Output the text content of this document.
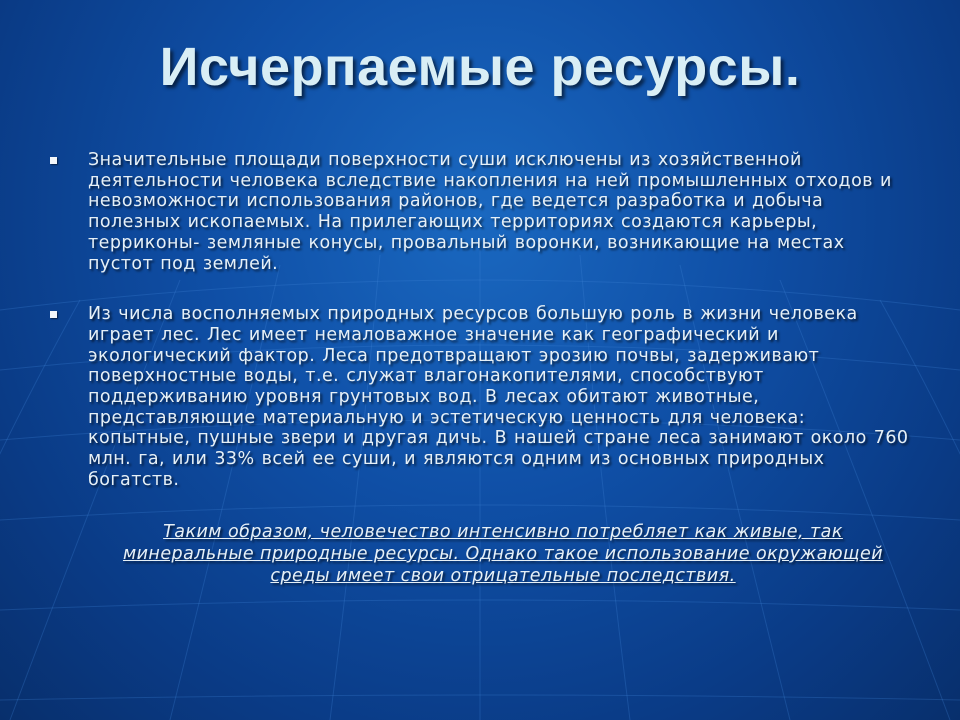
Исчерпаемые ресурсы.
Значительные площади поверхности суши исключены из хозяйственной деятельности человека вследствие накопления на ней промышленных отходов и невозможности использования районов, где ведется разработка и добыча полезных ископаемых. На прилегающих территориях создаются карьеры, терриконы- земляные конусы, провальный воронки, возникающие на местах пустот под землей.
Из числа восполняемых природных ресурсов большую роль в жизни человека играет лес. Лес имеет немаловажное значение как географический и экологический фактор. Леса предотвращают эрозию почвы, задерживают поверхностные воды, т.е. служат влагонакопителями, способствуют поддерживанию уровня грунтовых вод. В лесах обитают животные, представляющие материальную и эстетическую ценность для человека: копытные, пушные звери и другая дичь. В нашей стране леса занимают около 760 млн. га, или 33% всей ее суши, и являются одним из основных природных богатств.

Таким образом, человечество интенсивно потребляет как живые, так минеральные природные ресурсы. Однако такое использование окружающей среды имеет свои отрицательные последствия.
